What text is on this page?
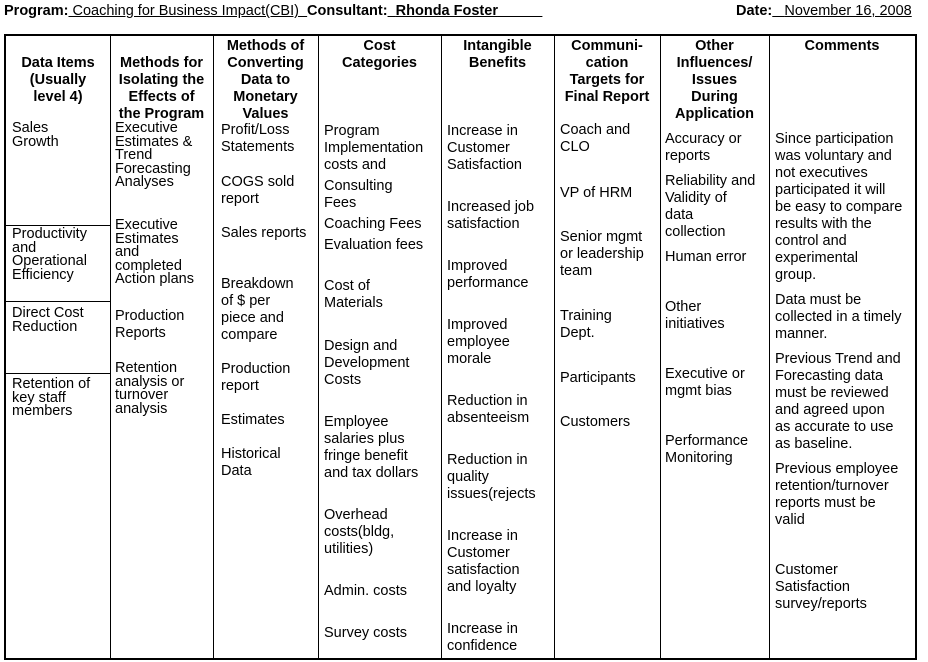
Program: Coaching for Business Impact(CBI)_Consultant:_Rhonda Foster_       _	Date: November 16, 2008
Data Items
(Usually
level 4)
Methods for
Isolating the
Effects of
the Program
Methods of
Converting
Data to
Monetary
Values
Cost
Categories
Intangible
Benefits
Communi-
cation
Targets for
Final Report
Other
Influences/
Issues
During
Application
Comments
Sales
Growth
Productivity
and
Operational
Efficiency
Direct Cost
Reduction
Retention of
key staff
members
Executive
Estimates &
Trend
Forecasting
Analyses
Executive
Estimates
and
completed
Action plans
Production
Reports
Retention
analysis or
turnover
analysis
Profit/Loss
Statements
COGS sold
report
Sales reports
Breakdown
of $ per
piece and
compare
Production
report
Estimates
Historical
Data
Program
Implementation
costs and
Consulting
Fees
Coaching Fees
Evaluation fees
Cost of
Materials
Design and
Development
Costs
Employee
salaries plus
fringe benefit
and tax dollars
Overhead
costs(bldg,
utilities)
Admin. costs
Survey costs
Increase in
Customer
Satisfaction
Increased job
satisfaction
Improved
performance
Improved
employee
morale
Reduction in
absenteeism
Reduction in
quality
issues(rejects
Increase in
Customer
satisfaction
and loyalty
Increase in
confidence
Coach and
CLO
VP of HRM
Senior mgmt
or leadership
team
Training
Dept.
Participants
Customers
Accuracy or
reports
Reliability and
Validity of
data
collection
Human error
Other
initiatives
Executive or
mgmt bias
Performance
Monitoring
Since participation
was voluntary and
not executives
participated it will
be easy to compare
results with the
control and
experimental
group.
Data must be
collected in a timely
manner.
Previous Trend and
Forecasting data
must be reviewed
and agreed upon
as accurate to use
as baseline.
Previous employee
retention/turnover
reports must be
valid
Customer
Satisfaction
survey/reports
